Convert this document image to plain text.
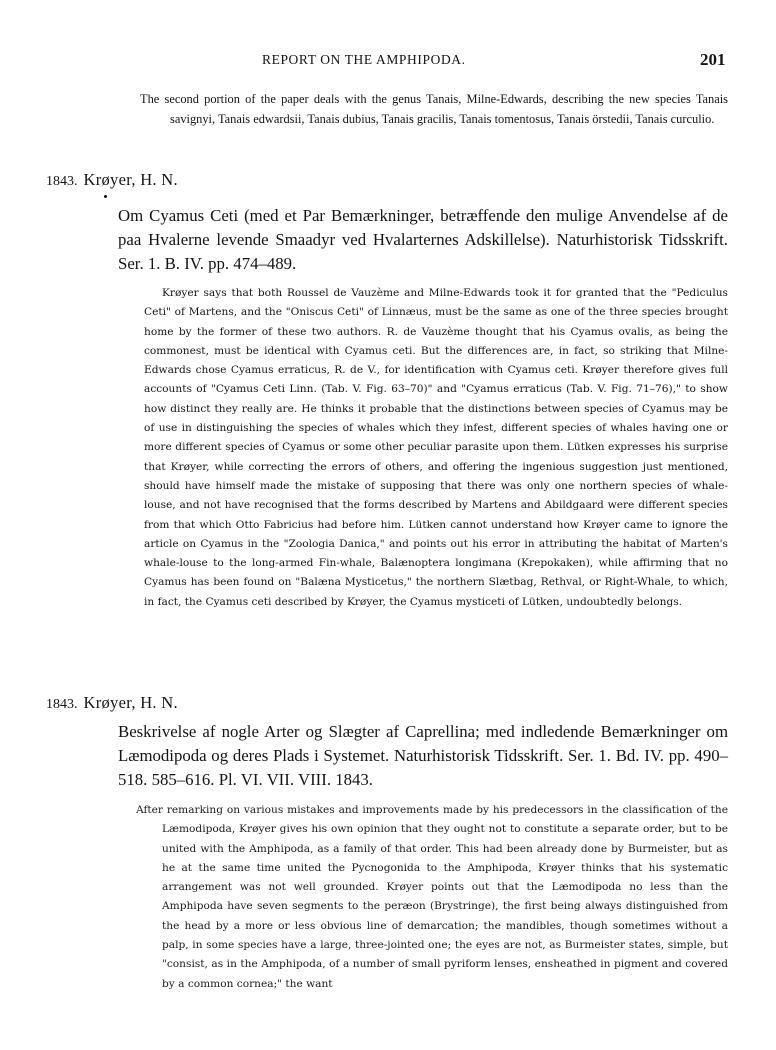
REPORT ON THE AMPHIPODA.	201

The second portion of the paper deals with the genus Tanais, Milne-Edwards, describing the new species Tanais savignyi, Tanais edwardsii, Tanais dubius, Tanais gracilis, Tanais tomentosus, Tanais örstedii, Tanais curculio.

1843. Krøyer, H. N.

Om Cyamus Ceti (med et Par Bemærkninger, betræffende den mulige Anvendelse af de paa Hvalerne levende Smaadyr ved Hvalarternes Adskillelse). Naturhistorisk Tidsskrift. Ser. 1. B. IV. pp. 474–489.

Krøyer says that both Roussel de Vauzème and Milne-Edwards took it for granted that the "Pediculus Ceti" of Martens, and the "Oniscus Ceti" of Linnæus, must be the same as one of the three species brought home by the former of these two authors. R. de Vauzème thought that his Cyamus ovalis, as being the commonest, must be identical with Cyamus ceti. But the differences are, in fact, so striking that Milne-Edwards chose Cyamus erraticus, R. de V., for identification with Cyamus ceti. Krøyer therefore gives full accounts of "Cyamus Ceti Linn. (Tab. V. Fig. 63–70)" and "Cyamus erraticus (Tab. V. Fig. 71–76)," to show how distinct they really are. He thinks it probable that the distinctions between species of Cyamus may be of use in distinguishing the species of whales which they infest, different species of whales having one or more different species of Cyamus or some other peculiar parasite upon them. Lütken expresses his surprise that Krøyer, while correcting the errors of others, and offering the ingenious suggestion just mentioned, should have himself made the mistake of supposing that there was only one northern species of whale-louse, and not have recognised that the forms described by Martens and Abildgaard were different species from that which Otto Fabricius had before him. Lütken cannot understand how Krøyer came to ignore the article on Cyamus in the "Zoologia Danica," and points out his error in attributing the habitat of Marten's whale-louse to the long-armed Fin-whale, Balænoptera longimana (Krepokaken), while affirming that no Cyamus has been found on "Balæna Mysticetus," the northern Slætbag, Rethval, or Right-Whale, to which, in fact, the Cyamus ceti described by Krøyer, the Cyamus mysticeti of Lütken, undoubtedly belongs.

1843. Krøyer, H. N.

Beskrivelse af nogle Arter og Slægter af Caprellina; med indledende Bemærkninger om Læmodipoda og deres Plads i Systemet. Naturhistorisk Tidsskrift. Ser. 1. Bd. IV. pp. 490–518. 585–616. Pl. VI. VII. VIII. 1843.

After remarking on various mistakes and improvements made by his predecessors in the classification of the Læmodipoda, Krøyer gives his own opinion that they ought not to constitute a separate order, but to be united with the Amphipoda, as a family of that order. This had been already done by Burmeister, but as he at the same time united the Pycnogonida to the Amphipoda, Krøyer thinks that his systematic arrangement was not well grounded. Krøyer points out that the Læmodipoda no less than the Amphipoda have seven segments to the peræon (Brystringe), the first being always distinguished from the head by a more or less obvious line of demarcation; the mandibles, though sometimes without a palp, in some species have a large, three-jointed one; the eyes are not, as Burmeister states, simple, but "consist, as in the Amphipoda, of a number of small pyriform lenses, ensheathed in pigment and covered by a common cornea;" the want
